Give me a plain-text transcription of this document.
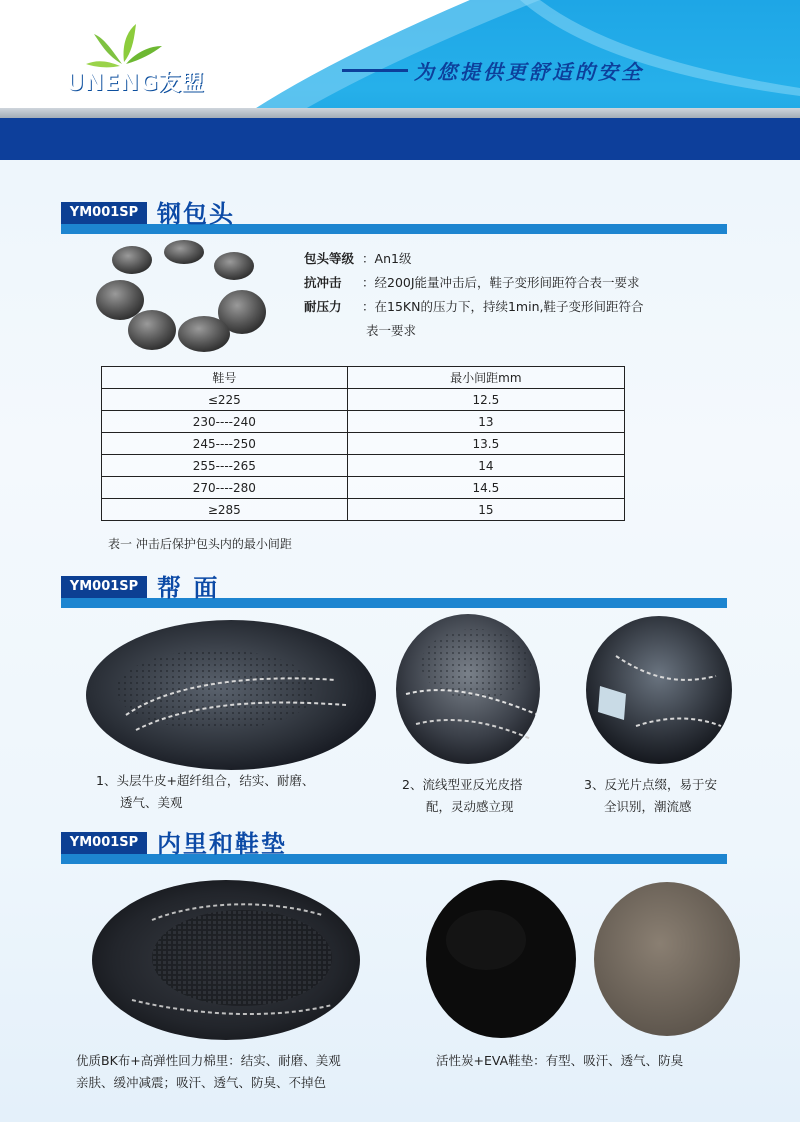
UNENG友盟	为您提供更舒适的安全
YM001SP 钢包头
包头等级 ：An1级
抗冲击 ：经200J能量冲击后，鞋子变形间距符合表一要求
耐压力 ：在15KN的压力下，持续1min,鞋子变形间距符合
表一要求
鞋号	最小间距mm
≤225	12.5
230----240	13
245----250	13.5
255----265	14
270----280	14.5
≥285	15
表一 冲击后保护包头内的最小间距
YM001SP 帮 面
1、头层牛皮+超纤组合，结实、耐磨、
透气、美观
2、流线型亚反光皮搭
配，灵动感立现
3、反光片点缀，易于安
全识别，潮流感
YM001SP 内里和鞋垫
优质BK布+高弹性回力棉里：结实、耐磨、美观
亲肤、缓冲减震；吸汗、透气、防臭、不掉色
活性炭+EVA鞋垫：有型、吸汗、透气、防臭
